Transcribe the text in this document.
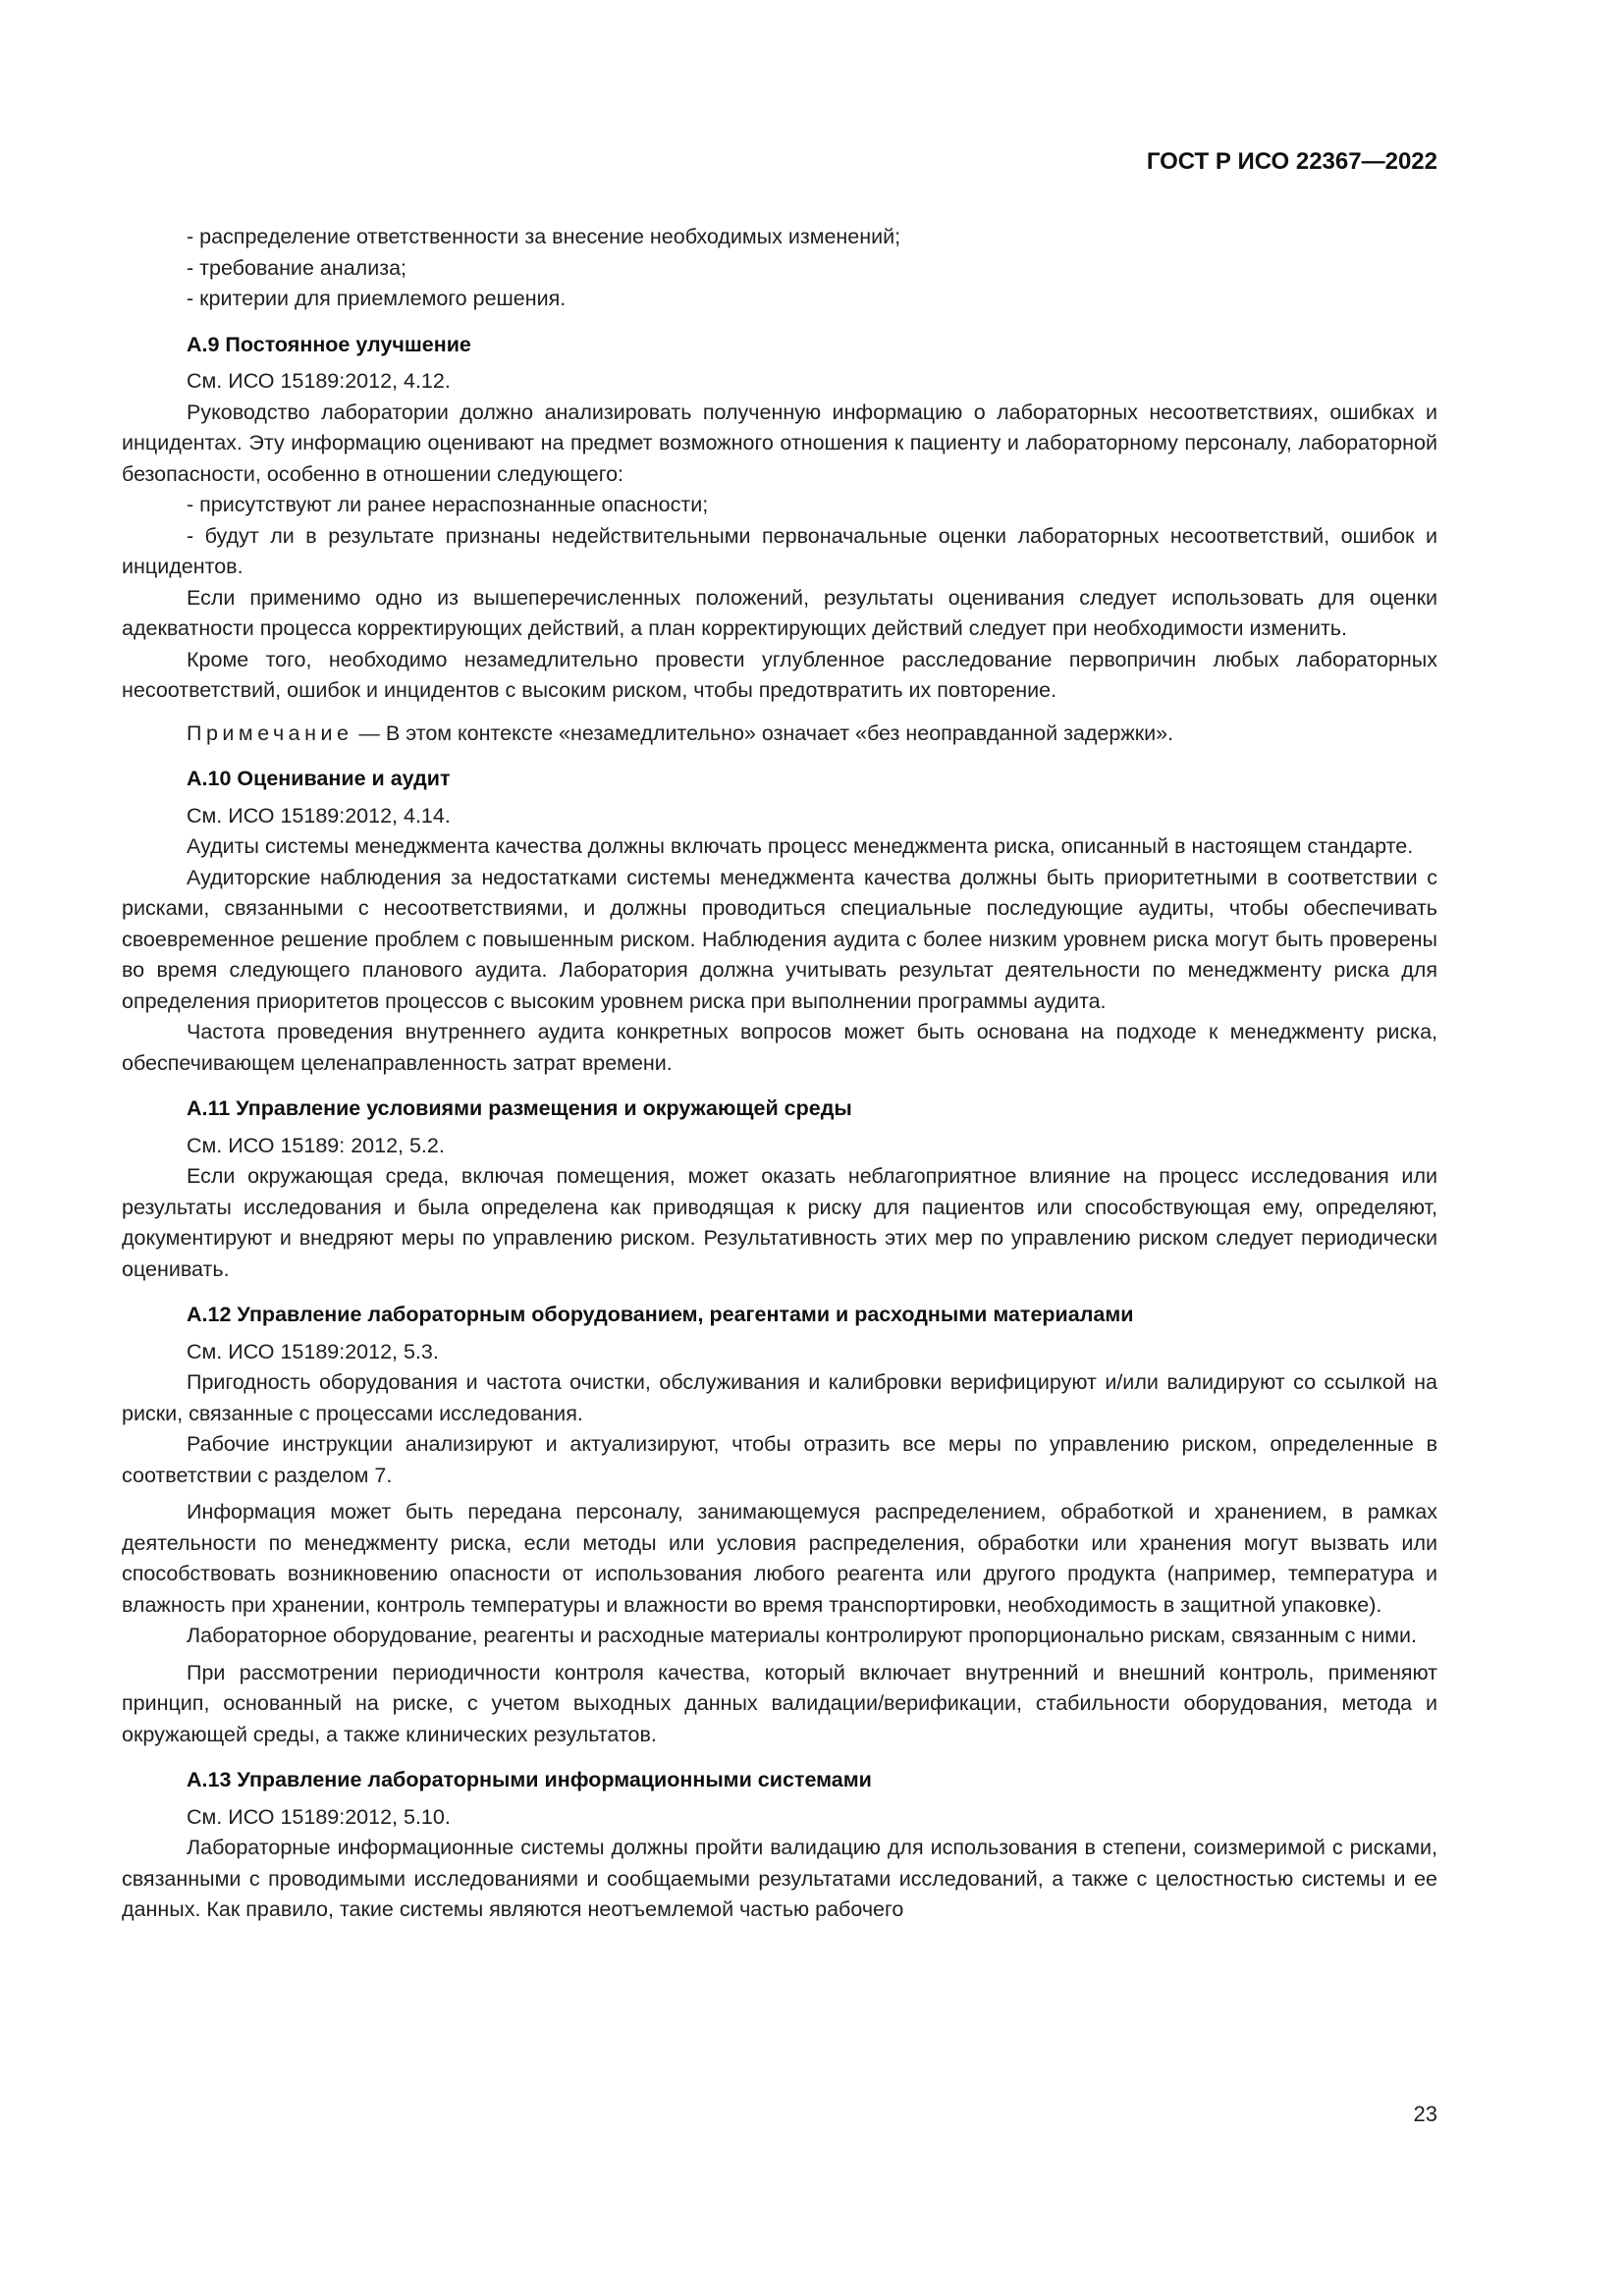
ГОСТ Р ИСО 22367—2022

- распределение ответственности за внесение необходимых изменений;

- требование анализа;

- критерии для приемлемого решения.

А.9 Постоянное улучшение

См. ИСО 15189:2012, 4.12.

Руководство лаборатории должно анализировать полученную информацию о лабораторных несоответствиях, ошибках и инцидентах. Эту информацию оценивают на предмет возможного отношения к пациенту и лабораторному персоналу, лабораторной безопасности, особенно в отношении следующего:

- присутствуют ли ранее нераспознанные опасности;

- будут ли в результате признаны недействительными первоначальные оценки лабораторных несоответствий, ошибок и инцидентов.

Если применимо одно из вышеперечисленных положений, результаты оценивания следует использовать для оценки адекватности процесса корректирующих действий, а план корректирующих действий следует при необходимости изменить.

Кроме того, необходимо незамедлительно провести углубленное расследование первопричин любых лабораторных несоответствий, ошибок и инцидентов с высоким риском, чтобы предотвратить их повторение.

Примечание — В этом контексте «незамедлительно» означает «без неоправданной задержки».

А.10 Оценивание и аудит

См. ИСО 15189:2012, 4.14.

Аудиты системы менеджмента качества должны включать процесс менеджмента риска, описанный в настоящем стандарте.

Аудиторские наблюдения за недостатками системы менеджмента качества должны быть приоритетными в соответствии с рисками, связанными с несоответствиями, и должны проводиться специальные последующие аудиты, чтобы обеспечивать своевременное решение проблем с повышенным риском. Наблюдения аудита с более низким уровнем риска могут быть проверены во время следующего планового аудита. Лаборатория должна учитывать результат деятельности по менеджменту риска для определения приоритетов процессов с высоким уровнем риска при выполнении программы аудита.

Частота проведения внутреннего аудита конкретных вопросов может быть основана на подходе к менеджменту риска, обеспечивающем целенаправленность затрат времени.

А.11 Управление условиями размещения и окружающей среды

См. ИСО 15189: 2012, 5.2.

Если окружающая среда, включая помещения, может оказать неблагоприятное влияние на процесс исследования или результаты исследования и была определена как приводящая к риску для пациентов или способствующая ему, определяют, документируют и внедряют меры по управлению риском. Результативность этих мер по управлению риском следует периодически оценивать.

А.12 Управление лабораторным оборудованием, реагентами и расходными материалами

См. ИСО 15189:2012, 5.3.

Пригодность оборудования и частота очистки, обслуживания и калибровки верифицируют и/или валидируют со ссылкой на риски, связанные с процессами исследования.

Рабочие инструкции анализируют и актуализируют, чтобы отразить все меры по управлению риском, определенные в соответствии с разделом 7.

Информация может быть передана персоналу, занимающемуся распределением, обработкой и хранением, в рамках деятельности по менеджменту риска, если методы или условия распределения, обработки или хранения могут вызвать или способствовать возникновению опасности от использования любого реагента или другого продукта (например, температура и влажность при хранении, контроль температуры и влажности во время транспортировки, необходимость в защитной упаковке).

Лабораторное оборудование, реагенты и расходные материалы контролируют пропорционально рискам, связанным с ними.

При рассмотрении периодичности контроля качества, который включает внутренний и внешний контроль, применяют принцип, основанный на риске, с учетом выходных данных валидации/верификации, стабильности оборудования, метода и окружающей среды, а также клинических результатов.

А.13 Управление лабораторными информационными системами

См. ИСО 15189:2012, 5.10.

Лабораторные информационные системы должны пройти валидацию для использования в степени, соизмеримой с рисками, связанными с проводимыми исследованиями и сообщаемыми результатами исследований, а также с целостностью системы и ее данных. Как правило, такие системы являются неотъемлемой частью рабочего

23
